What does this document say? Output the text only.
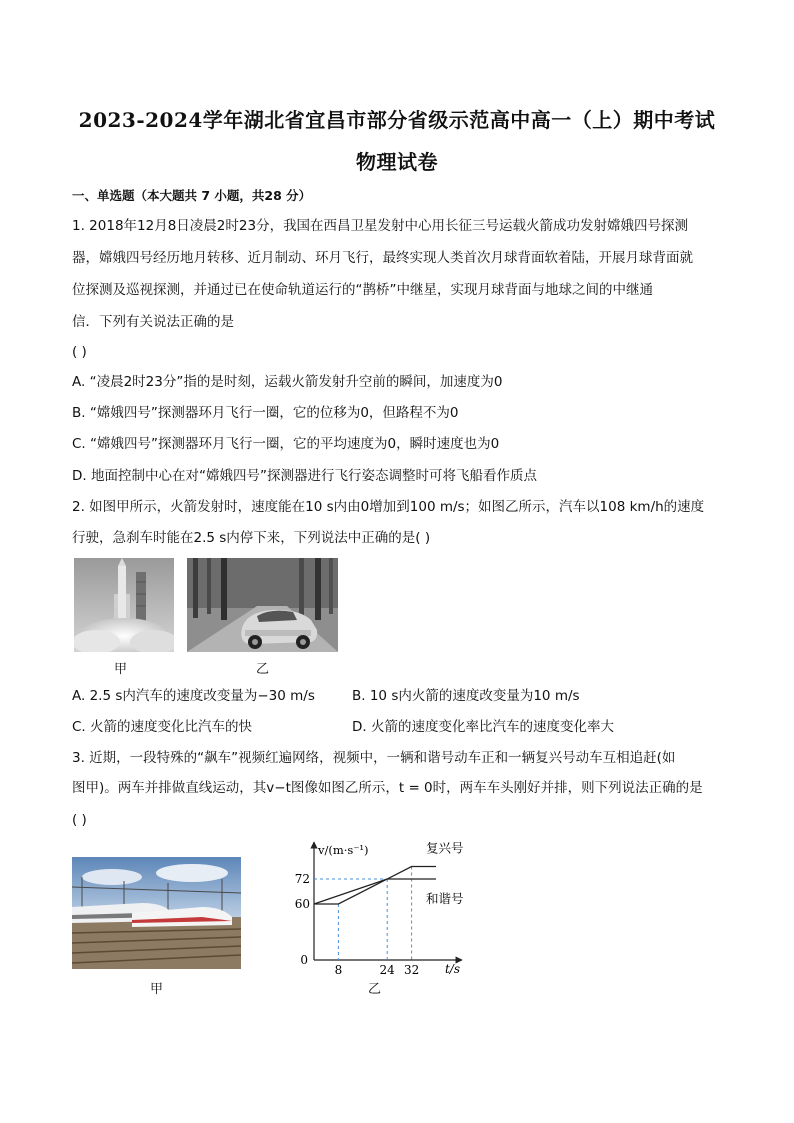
2023-2024学年湖北省宜昌市部分省级示范高中高一（上）期中考试
物理试卷
一、单选题（本大题共 7 小题，共28 分）
1. 2018年12月8日凌晨2时23分，我国在西昌卫星发射中心用长征三号运载火箭成功发射嫦娥四号探测
器，嫦娥四号经历地月转移、近月制动、环月飞行，最终实现人类首次月球背面软着陆，开展月球背面就
位探测及巡视探测，并通过已在使命轨道运行的“鹊桥”中继星，实现月球背面与地球之间的中继通
信．下列有关说法正确的是
( )
A. “凌晨2时23分”指的是时刻，运载火箭发射升空前的瞬间，加速度为0
B. “嫦娥四号”探测器环月飞行一圈，它的位移为0，但路程不为0
C. “嫦娥四号”探测器环月飞行一圈，它的平均速度为0，瞬时速度也为0
D. 地面控制中心在对“嫦娥四号”探测器进行飞行姿态调整时可将飞船看作质点
2. 如图甲所示，火箭发射时，速度能在10 s内由0增加到100 m/s；如图乙所示，汽车以108 km/h的速度
行驶，急刹车时能在2.5 s内停下来，下列说法中正确的是( )
甲	乙
A. 2.5 s内汽车的速度改变量为−30 m/s	B. 10 s内火箭的速度改变量为10 m/s
C. 火箭的速度变化比汽车的快	D. 火箭的速度变化率比汽车的速度变化率大
3. 近期，一段特殊的“飙车”视频红遍网络，视频中，一辆和谐号动车正和一辆复兴号动车互相追赶(如
图甲)。两车并排做直线运动，其v−t图像如图乙所示，t = 0时，两车车头刚好并排，则下列说法正确的是
( )
甲
v/(m·s⁻¹)
t/s
0
60
72
8	24 32
复兴号
和谐号
乙
